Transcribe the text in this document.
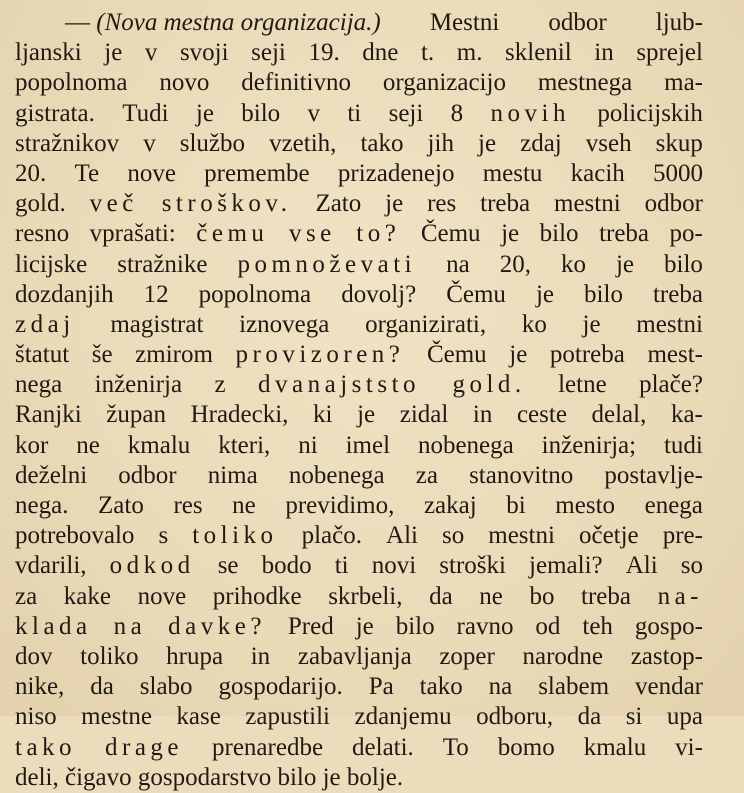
— (Nova mestna organizacija.) Mestni odbor ljub-
ljanski je v svoji seji 19. dne t. m. sklenil in sprejel
popolnoma novo definitivno organizacijo mestnega ma-
gistrata. Tudi je bilo v ti seji 8 novih policijskih
stražnikov v službo vzetih, tako jih je zdaj vseh skup
20. Te nove premembe prizadenejo mestu kacih 5000
gold. več stroškov. Zato je res treba mestni odbor
resno vprašati: čemu vse to? Čemu je bilo treba po-
licijske stražnike pomnoževati na 20, ko je bilo
dozdanjih 12 popolnoma dovolj? Čemu je bilo treba
zdaj magistrat iznovega organizirati, ko je mestni
štatut še zmirom provizoren? Čemu je potreba mest-
nega inženirja z dvanajststo gold. letne plače?
Ranjki župan Hradecki, ki je zidal in ceste delal, ka-
kor ne kmalu kteri, ni imel nobenega inženirja; tudi
deželni odbor nima nobenega za stanovitno postavlje-
nega. Zato res ne previdimo, zakaj bi mesto enega
potrebovalo s toliko plačo. Ali so mestni očetje pre-
vdarili, odkod se bodo ti novi stroški jemali? Ali so
za kake nove prihodke skrbeli, da ne bo treba na-
klada na davke? Pred je bilo ravno od teh gospo-
dov toliko hrupa in zabavljanja zoper narodne zastop-
nike, da slabo gospodarijo. Pa tako na slabem vendar
niso mestne kase zapustili zdanjemu odboru, da si upa
tako drage prenaredbe delati. To bomo kmalu vi-
deli, čigavo gospodarstvo bilo je bolje.
